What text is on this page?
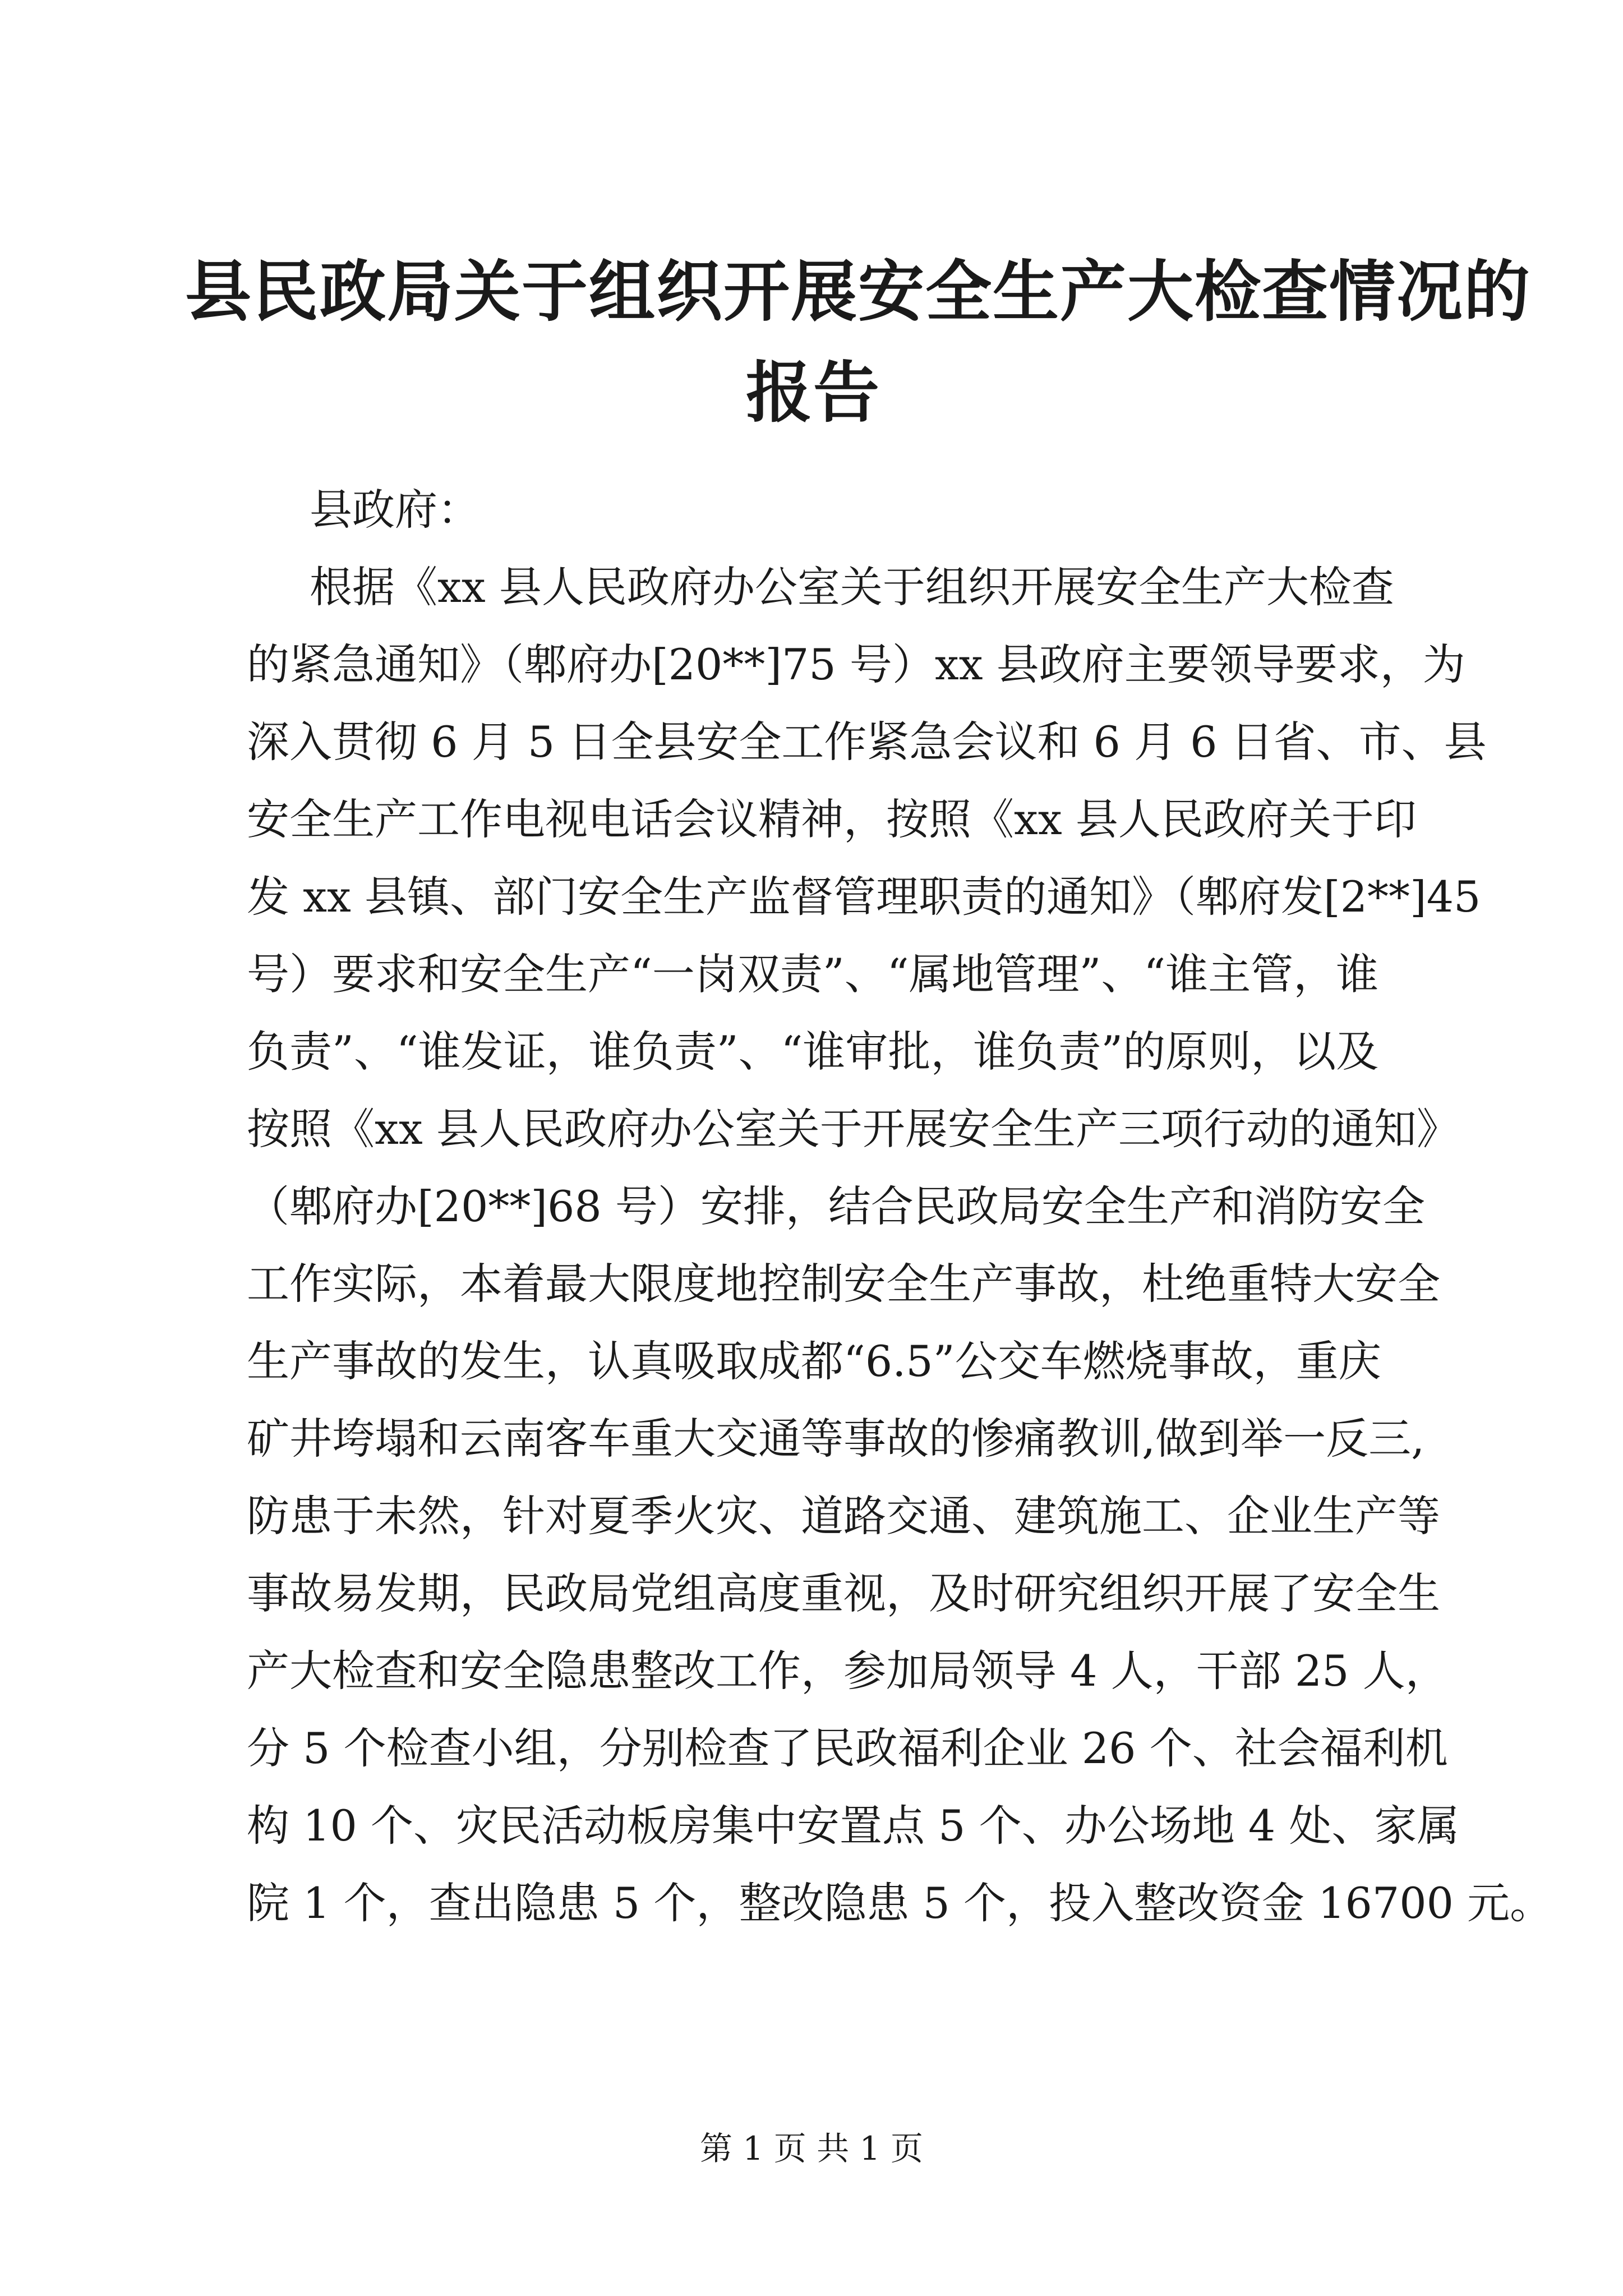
县民政局关于组织开展安全生产大检查情况的
报告
县政府：
根据《xx 县人民政府办公室关于组织开展安全生产大检查
的紧急通知》（郫府办[20**]75 号）xx 县政府主要领导要求，为
深入贯彻 6 月 5 日全县安全工作紧急会议和 6 月 6 日省、市、县
安全生产工作电视电话会议精神，按照《xx 县人民政府关于印
发 xx 县镇、部门安全生产监督管理职责的通知》（郫府发[2**]45
号）要求和安全生产“一岗双责”、“属地管理”、“谁主管，谁
负责”、“谁发证，谁负责”、“谁审批，谁负责”的原则，以及
按照《xx 县人民政府办公室关于开展安全生产三项行动的通知》
（郫府办[20**]68 号）安排，结合民政局安全生产和消防安全
工作实际，本着最大限度地控制安全生产事故，杜绝重特大安全
生产事故的发生，认真吸取成都“6.5”公交车燃烧事故，重庆
矿井垮塌和云南客车重大交通等事故的惨痛教训,做到举一反三,
防患于未然，针对夏季火灾、道路交通、建筑施工、企业生产等
事故易发期，民政局党组高度重视，及时研究组织开展了安全生
产大检查和安全隐患整改工作，参加局领导 4 人，干部 25 人，
分 5 个检查小组，分别检查了民政福利企业 26 个、社会福利机
构 10 个、灾民活动板房集中安置点 5 个、办公场地 4 处、家属
院 1 个，查出隐患 5 个，整改隐患 5 个，投入整改资金 16700 元。
第 1 页 共 1 页
